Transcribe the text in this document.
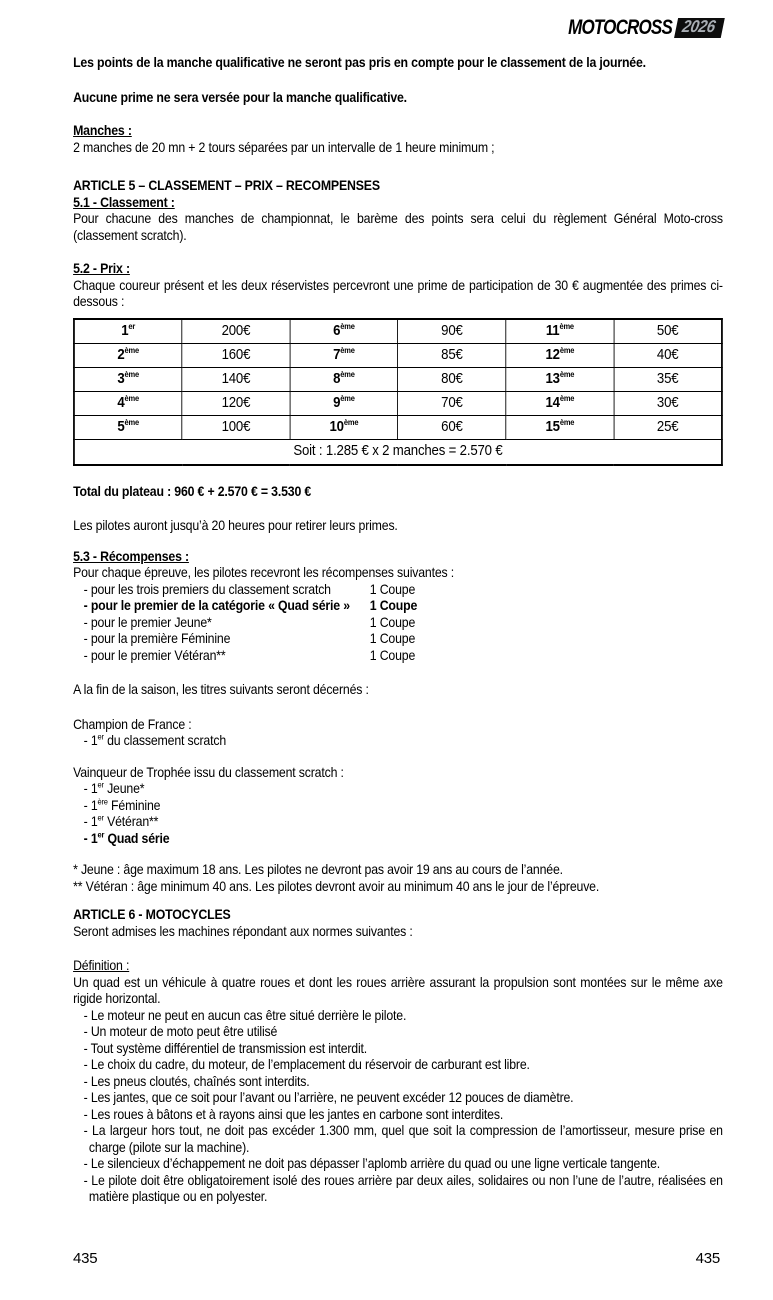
MOTOCROSS 2026

Les points de la manche qualificative ne seront pas pris en compte pour le classement de la journée.

Aucune prime ne sera versée pour la manche qualificative.

Manches :

2 manches de 20 mn + 2 tours séparées par un intervalle de 1 heure minimum ;

ARTICLE 5 – CLASSEMENT – PRIX – RECOMPENSES

5.1 - Classement :

Pour chacune des manches de championnat, le barème des points sera celui du règlement Général Moto-cross (classement scratch).

5.2 - Prix :

Chaque coureur présent et les deux réservistes percevront une prime de participation de 30 € augmentée des primes ci-dessous :

1er	200€	6ème	90€	11ème	50€
2ème	160€	7ème	85€	12ème	40€
3ème	140€	8ème	80€	13ème	35€
4ème	120€	9ème	70€	14ème	30€
5ème	100€	10ème	60€	15ème	25€
Soit : 1.285 € x 2 manches = 2.570 €					

Total du plateau : 960 € + 2.570 € = 3.530 €

Les pilotes auront jusqu’à 20 heures pour retirer leurs primes.

5.3 - Récompenses :

Pour chaque épreuve, les pilotes recevront les récompenses suivantes :

- pour les trois premiers du classement scratch	1 Coupe
- pour le premier de la catégorie « Quad série »	1 Coupe
- pour le premier Jeune*	1 Coupe
- pour la première Féminine	1 Coupe
- pour le premier Vétéran**	1 Coupe

A la fin de la saison, les titres suivants seront décernés :

Champion de France :

- 1er du classement scratch

Vainqueur de Trophée issu du classement scratch :

- 1er Jeune*
- 1ère Féminine
- 1er Vétéran**
- 1er Quad série

* Jeune : âge maximum 18 ans. Les pilotes ne devront pas avoir 19 ans au cours de l’année.

** Vétéran : âge minimum 40 ans. Les pilotes devront avoir au minimum 40 ans le jour de l’épreuve.

ARTICLE 6 - MOTOCYCLES

Seront admises les machines répondant aux normes suivantes :

Définition :

Un quad est un véhicule à quatre roues et dont les roues arrière assurant la propulsion sont montées sur le même axe rigide horizontal.

- Le moteur ne peut en aucun cas être situé derrière le pilote.
- Un moteur de moto peut être utilisé
- Tout système différentiel de transmission est interdit.
- Le choix du cadre, du moteur, de l’emplacement du réservoir de carburant est libre.
- Les pneus cloutés, chaînés sont interdits.
- Les jantes, que ce soit pour l’avant ou l’arrière, ne peuvent excéder 12 pouces de diamètre.
- Les roues à bâtons et à rayons ainsi que les jantes en carbone sont interdites.
- La largeur hors tout, ne doit pas excéder 1.300 mm, quel que soit la compression de l’amortisseur, mesure prise en charge (pilote sur la machine).
- Le silencieux d’échappement ne doit pas dépasser l’aplomb arrière du quad ou une ligne verticale tangente.
- Le pilote doit être obligatoirement isolé des roues arrière par deux ailes, solidaires ou non l’une de l’autre, réalisées en matière plastique ou en polyester.
435	435
